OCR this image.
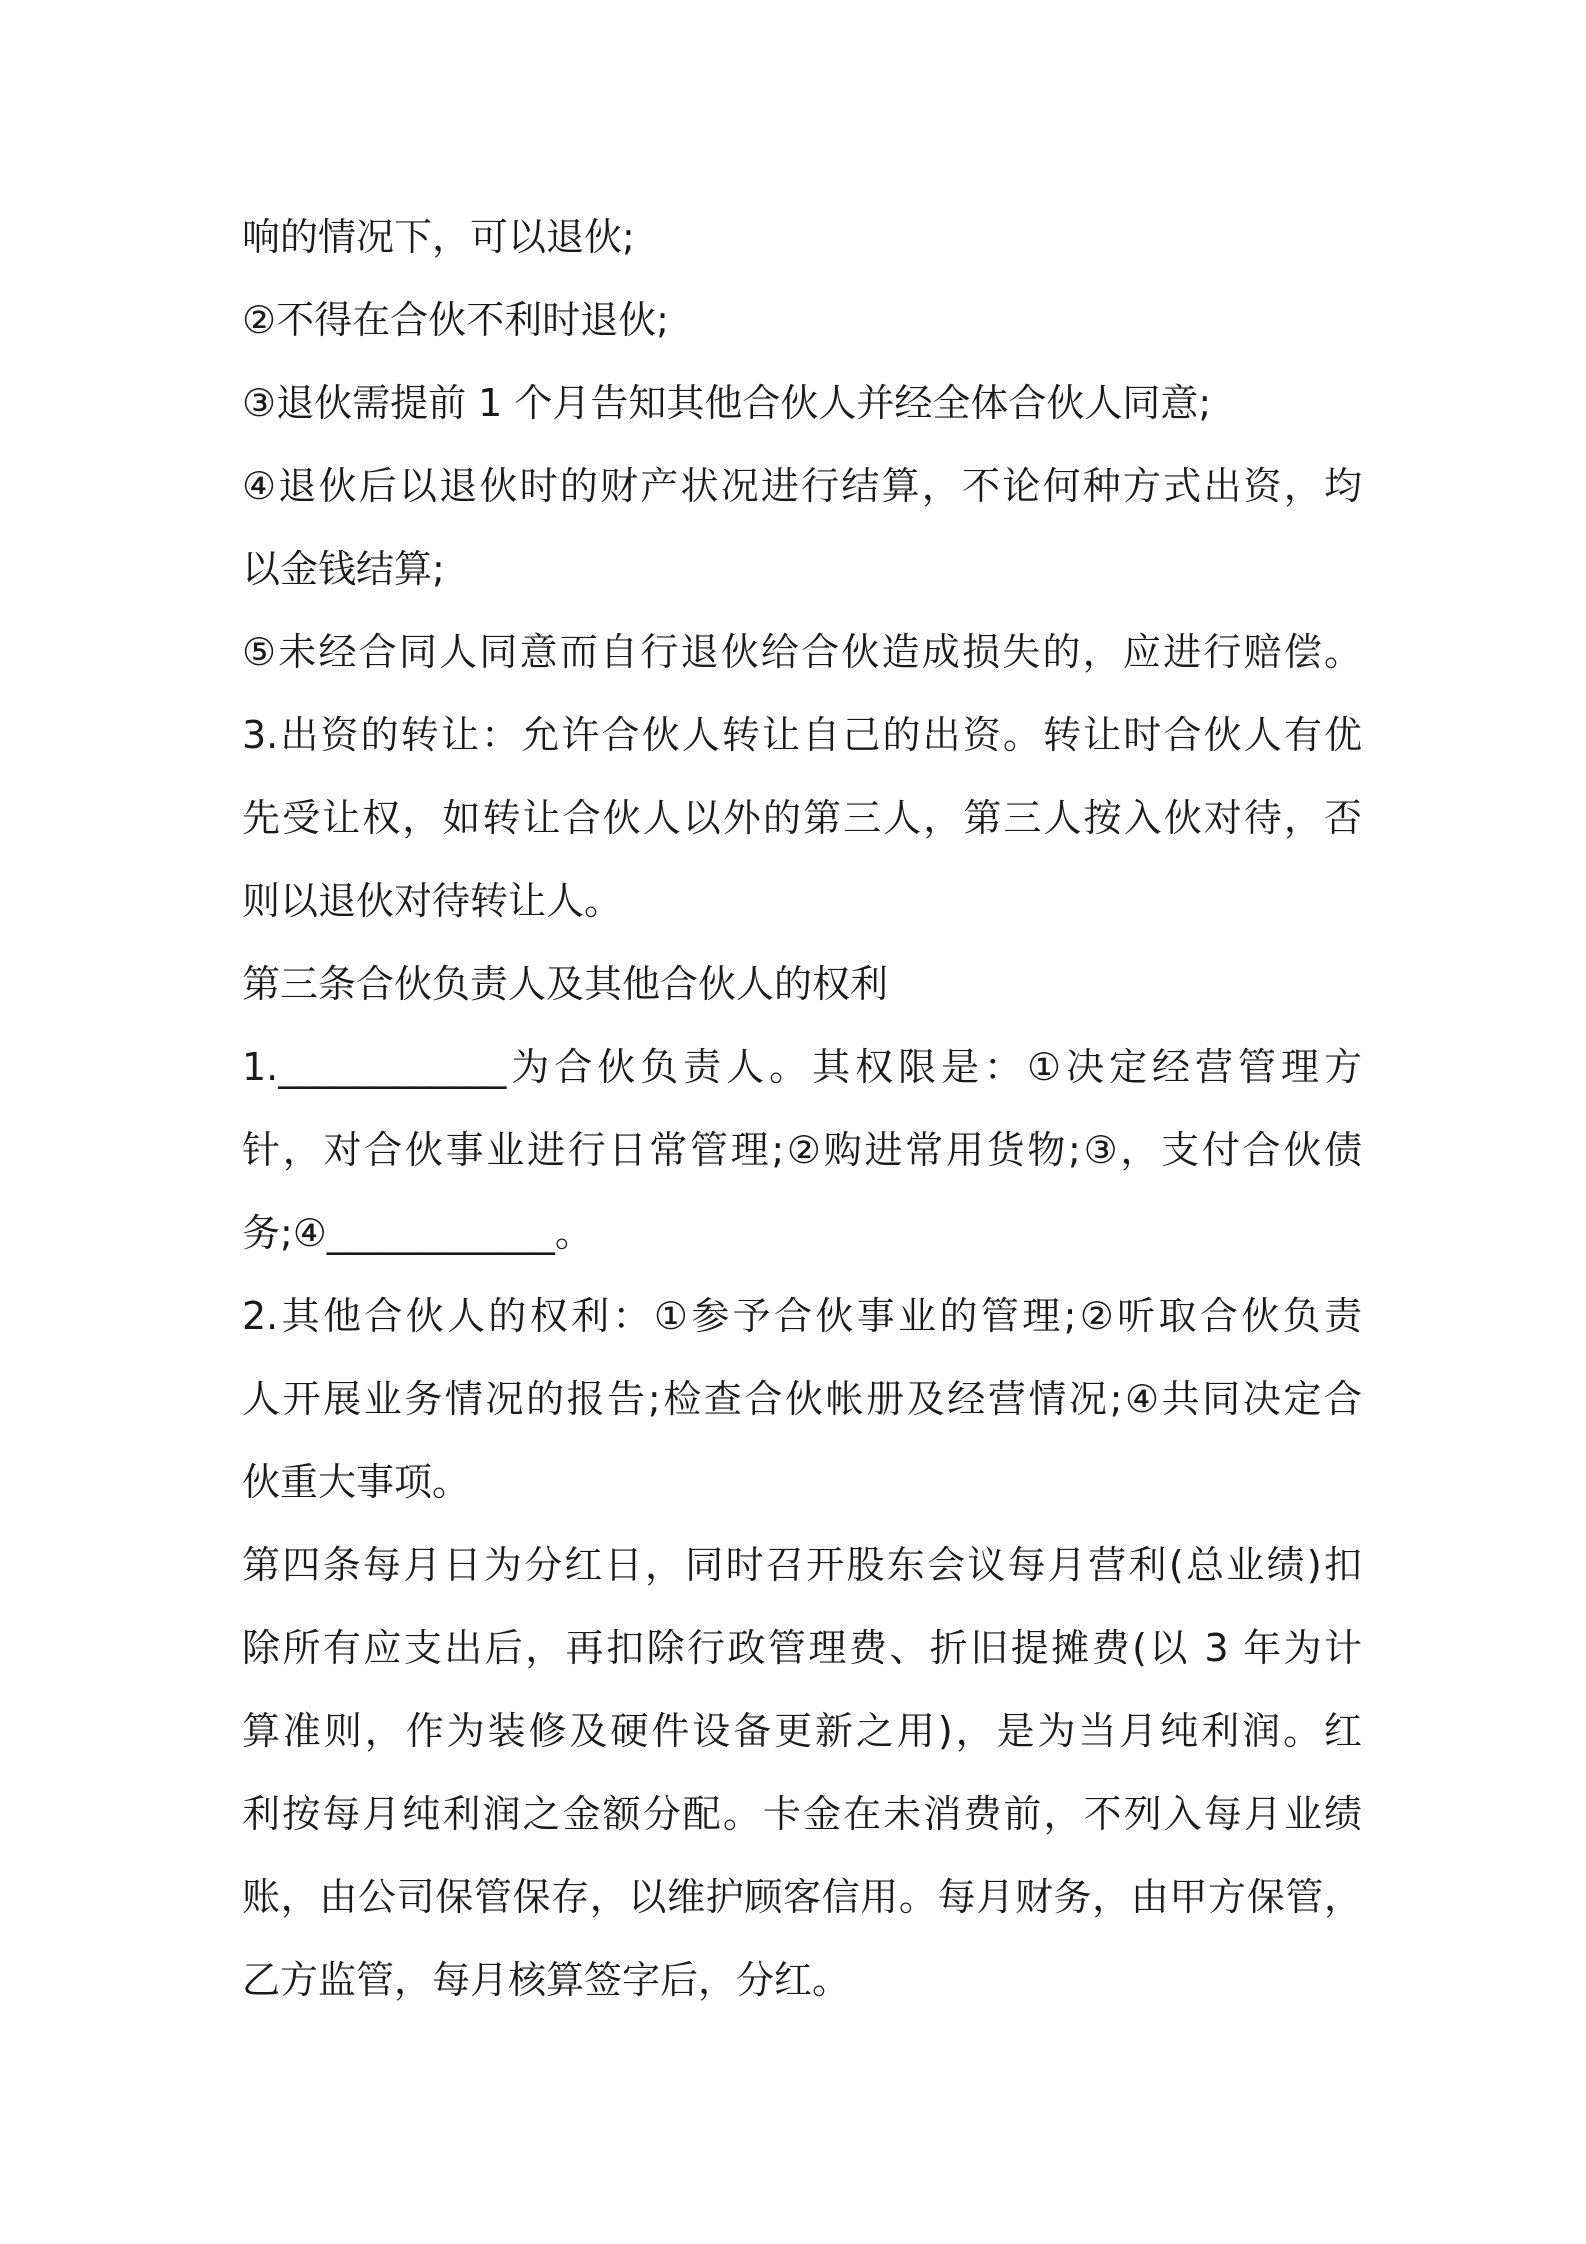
响的情况下，可以退伙;
②不得在合伙不利时退伙;
③退伙需提前 1 个月告知其他合伙人并经全体合伙人同意;
④退伙后以退伙时的财产状况进行结算，不论何种方式出资，均
以金钱结算;
⑤未经合同人同意而自行退伙给合伙造成损失的，应进行赔偿。
3.出资的转让：允许合伙人转让自己的出资。转让时合伙人有优
先受让权，如转让合伙人以外的第三人，第三人按入伙对待，否
则以退伙对待转让人。
第三条合伙负责人及其他合伙人的权利
1.____________为合伙负责人。其权限是：①决定经营管理方
针，对合伙事业进行日常管理;②购进常用货物;③，支付合伙债
务;④____________。
2.其他合伙人的权利：①参予合伙事业的管理;②听取合伙负责
人开展业务情况的报告;检查合伙帐册及经营情况;④共同决定合
伙重大事项。
第四条每月日为分红日，同时召开股东会议每月营利(总业绩)扣
除所有应支出后，再扣除行政管理费、折旧提摊费(以 3 年为计
算准则，作为装修及硬件设备更新之用)，是为当月纯利润。红
利按每月纯利润之金额分配。卡金在未消费前，不列入每月业绩
账，由公司保管保存，以维护顾客信用。每月财务，由甲方保管，
乙方监管，每月核算签字后，分红。
